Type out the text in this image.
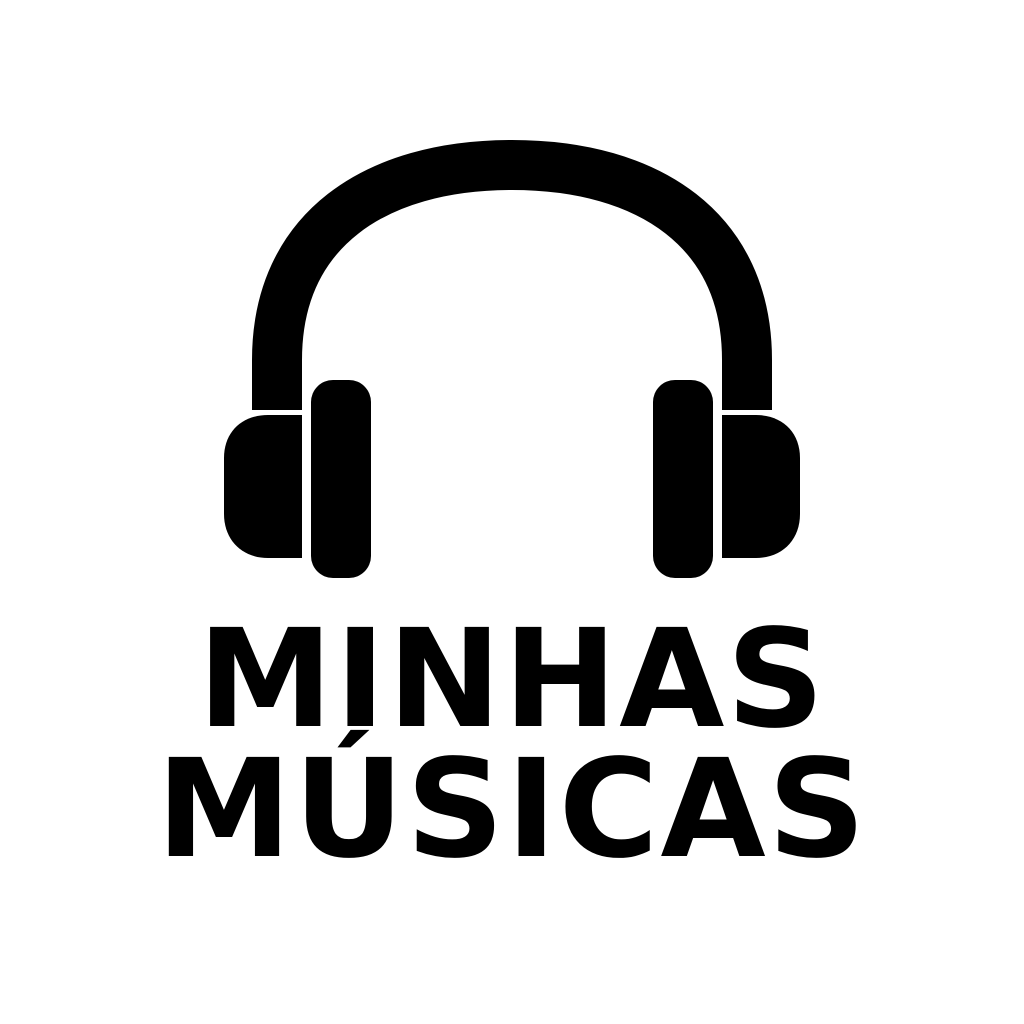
MINHAS
MÚSICAS
